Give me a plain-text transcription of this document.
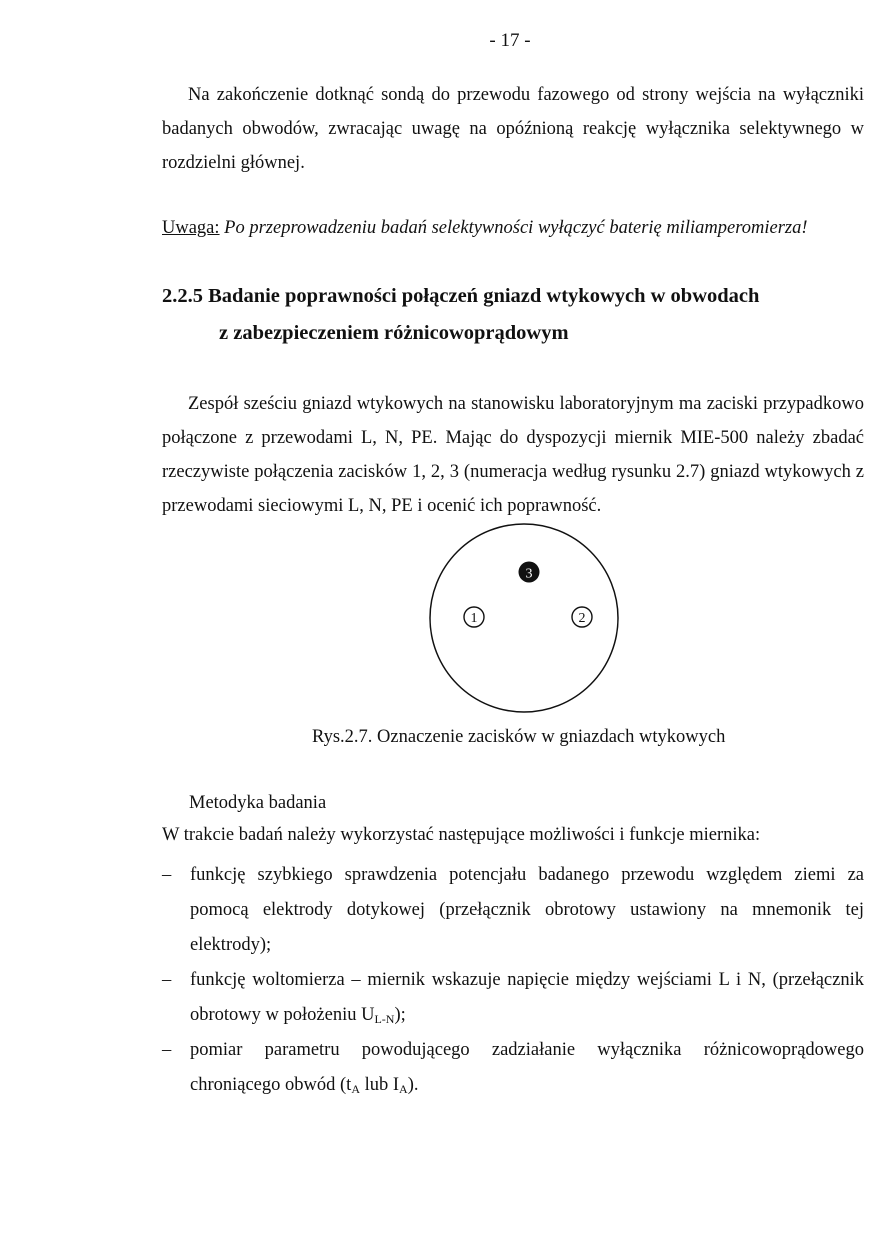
- 17 -
Na zakończenie dotknąć sondą do przewodu fazowego od strony wejścia na wyłączniki badanych obwodów, zwracając uwagę na opóźnioną reakcję wyłącznika selektywnego w rozdzielni głównej.
Uwaga: Po przeprowadzeniu badań selektywności wyłączyć baterię miliamperomierza!
2.2.5 Badanie poprawności połączeń gniazd wtykowych w obwodach
z zabezpieczeniem różnicowoprądowym
Zespół sześciu gniazd wtykowych na stanowisku laboratoryjnym ma zaciski przypadkowo połączone z przewodami L, N, PE. Mając do dyspozycji miernik MIE-500 należy zbadać rzeczywiste połączenia zacisków 1, 2, 3 (numeracja według rysunku 2.7) gniazd wtykowych z przewodami sieciowymi L, N, PE i ocenić ich poprawność.
3
1	2
Rys.2.7. Oznaczenie zacisków w gniazdach wtykowych
Metodyka badania
W trakcie badań należy wykorzystać następujące możliwości i funkcje miernika:
– funkcję szybkiego sprawdzenia potencjału badanego przewodu względem ziemi za pomocą elektrody dotykowej (przełącznik obrotowy ustawiony na mnemonik tej elektrody);
– funkcję woltomierza – miernik wskazuje napięcie między wejściami L i N, (przełącznik obrotowy w położeniu $U_{L-N}$);
– pomiar parametru powodującego zadziałanie wyłącznika różnicowoprądowego chroniącego obwód ($t_A$ lub $I_A$).
